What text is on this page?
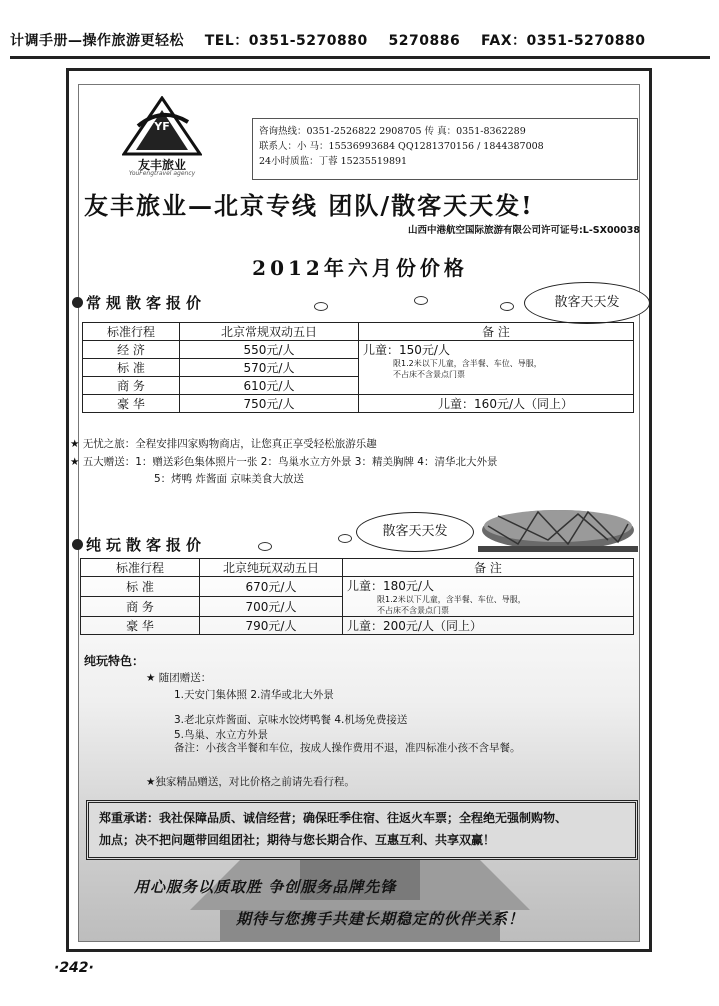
计调手册—操作旅游更轻松 TEL：0351-5270880 5270886 FAX：0351-5270880
YF
友丰旅业
YouFengtravel agency
咨询热线：0351-2526822 2908705 传 真：0351-8362289
联系人：小 马：15536993684 QQ1281370156 / 1844387008
24小时质监：丁蓉 15235519891
友丰旅业—北京专线 团队/散客天天发!
山西中港航空国际旅游有限公司许可证号:L-SX00038
2012年六月份价格
常规散客报价	散客天天发
标准行程	北京常规双动五日	备 注
经 济	550元/人	儿童：150元/人
限1.2米以下儿童，含半餐、车位、导服，
不占床不含景点门票

标 准	570元/人	
商 务	610元/人	
豪 华	750元/人	儿童：160元/人（同上）
★ 无忧之旅：全程安排四家购物商店，让您真正享受轻松旅游乐趣
★ 五大赠送：1：赠送彩色集体照片一张 2：鸟巢水立方外景 3：精美胸牌 4：清华北大外景
5：烤鸭 炸酱面 京味美食大放送
散客天天发
纯玩散客报价
标准行程	北京纯玩双动五日	备 注
标 准	670元/人	儿童：180元/人
限1.2米以下儿童，含半餐、车位、导服，
不占床不含景点门票

商 务	700元/人	
豪 华	790元/人	儿童：200元/人（同上）
纯玩特色：
★ 随团赠送：
1.天安门集体照 2.清华或北大外景
3.老北京炸酱面、京味水饺烤鸭餐 4.机场免费接送
5.鸟巢、水立方外景
备注：小孩含半餐和车位，按成人操作费用不退，准四标准小孩不含早餐。
★独家精品赠送，对比价格之前请先看行程。
郑重承诺：我社保障品质、诚信经营；确保旺季住宿、往返火车票；全程绝无强制购物、
加点；决不把问题带回组团社；期待与您长期合作、互惠互利、共享双赢！
用心服务以质取胜 争创服务品牌先锋
期待与您携手共建长期稳定的伙伴关系！
·242·
